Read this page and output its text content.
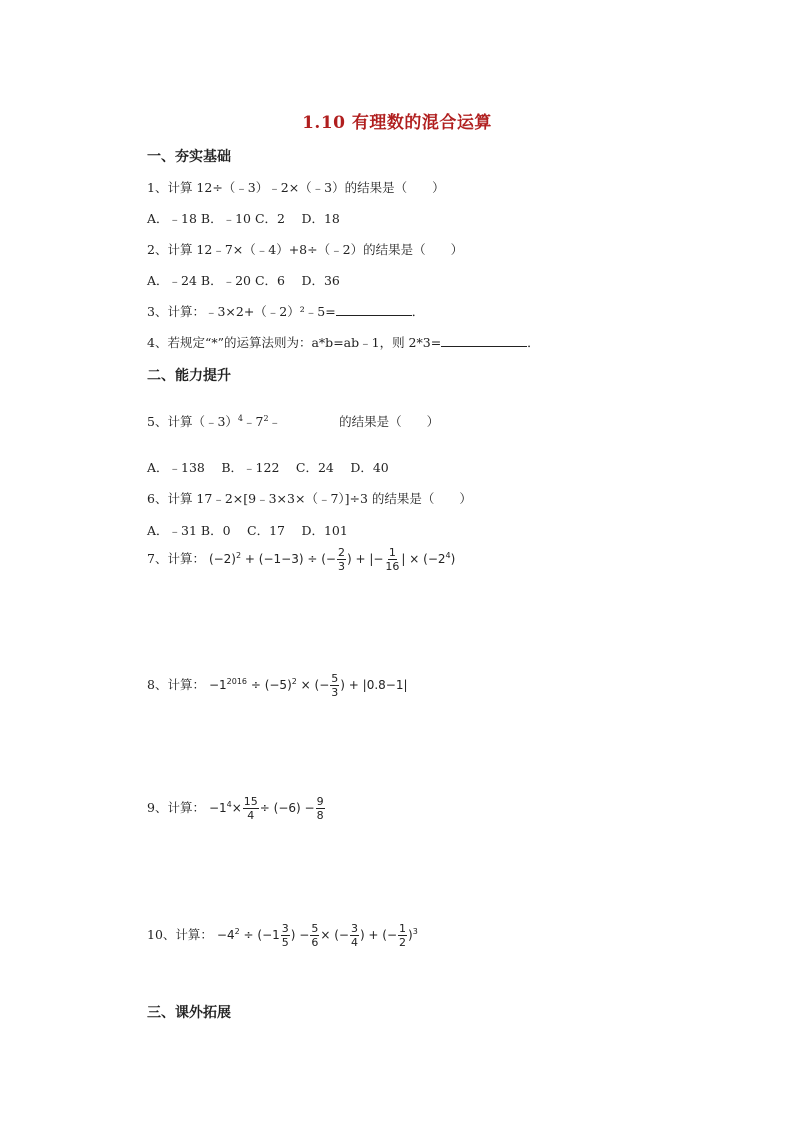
1.10 有理数的混合运算
一、夯实基础
1、计算 12÷（﹣3）﹣2×（﹣3）的结果是（　　）
A．﹣18 B．﹣10 C．2　 D．18
2、计算 12﹣7×（﹣4）+8÷（﹣2）的结果是（　　）
A．﹣24 B．﹣20 C．6　 D．36
3、计算：﹣3×2+（﹣2）²﹣5=	．
4、若规定“*”的运算法则为：a*b=ab﹣1，则 2*3=	．
二、能力提升
5、计算$(﹣3)^4﹣7^2﹣$	的结果是（　　）
A．﹣138　 B．﹣122　 C．24　 D．40
6、计算 17﹣2×[9﹣3×3×（﹣7）]÷3 的结果是（　　）
A．﹣31 B．0　 C．17　 D．101
7、计算： $(-2)^2 + (-1-3)$ ÷ (− $\frac{2}{3}$ ) + |− $\frac{1}{16}$ | × $(-2^4)$
8、计算： $-1^{2016} \div (-5)^2$ × (− $\frac{5}{3}$ ) + |0.8−1|
9、计算： $-1^4\times \frac{15}{4} \div (-6) - \frac{9}{8}$
10、计算： $-4^2 \div (-1 \frac{3}{5}$ ) − $\frac{5}{6}$ × (− $\frac{3}{4}$ ) + (− $\frac{1}{2} )^3$
三、课外拓展
